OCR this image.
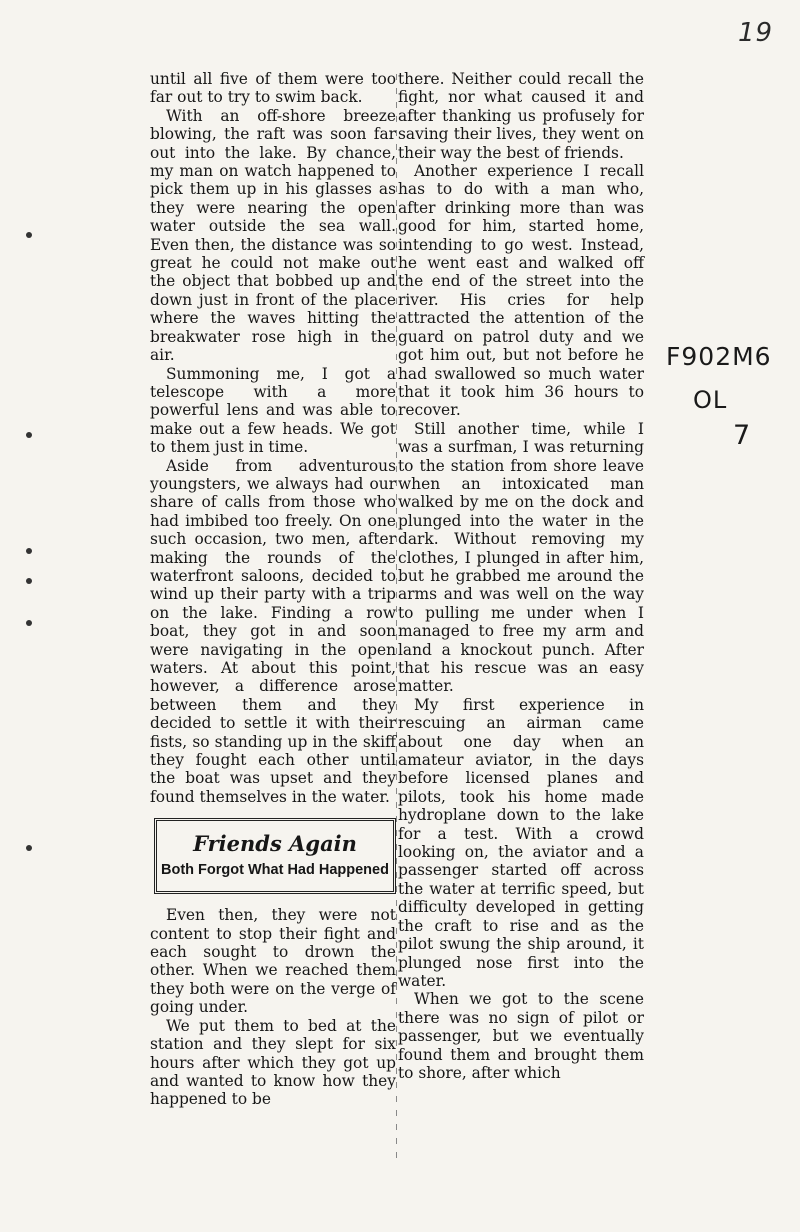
19

until all five of them were too far out to try to swim back.

With an off-shore breeze blowing, the raft was soon far out into the lake. By chance, my man on watch happened to pick them up in his glasses as they were nearing the open water outside the sea wall. Even then, the distance was so great he could not make out the object that bobbed up and down just in front of the place where the waves hitting the breakwater rose high in the air.

Summoning me, I got a telescope with a more powerful lens and was able to make out a few heads. We got to them just in time.

Aside from adventurous youngsters, we always had our share of calls from those who had imbibed too freely. On one such occasion, two men, after making the rounds of the waterfront saloons, decided to wind up their party with a trip on the lake. Finding a row boat, they got in and soon were navigating in the open waters. At about this point, however, a difference arose between them and they decided to settle it with their fists, so standing up in the skiff they fought each other until the boat was upset and they found themselves in the water.

Friends Again
Both Forgot What Had Happened

Even then, they were not content to stop their fight and each sought to drown the other. When we reached them they both were on the verge of going under.

We put them to bed at the station and they slept for six hours after which they got up and wanted to know how they happened to be

there. Neither could recall the fight, nor what caused it and after thanking us profusely for saving their lives, they went on their way the best of friends.

Another experience I recall has to do with a man who, after drinking more than was good for him, started home, intending to go west. Instead, he went east and walked off the end of the street into the river. His cries for help attracted the attention of the guard on patrol duty and we got him out, but not before he had swallowed so much water that it took him 36 hours to recover.

Still another time, while I was a surfman, I was returning to the station from shore leave when an intoxicated man walked by me on the dock and plunged into the water in the dark. Without removing my clothes, I plunged in after him, but he grabbed me around the arms and was well on the way to pulling me under when I managed to free my arm and land a knockout punch. After that his rescue was an easy matter.

My first experience in rescuing an airman came about one day when an amateur aviator, in the days before licensed planes and pilots, took his home made hydroplane down to the lake for a test. With a crowd looking on, the aviator and a passenger started off across the water at terrific speed, but difficulty developed in getting the craft to rise and as the pilot swung the ship around, it plunged nose first into the water.

When we got to the scene there was no sign of pilot or passenger, but we eventually found them and brought them to shore, after which

F902M6
OL
7
